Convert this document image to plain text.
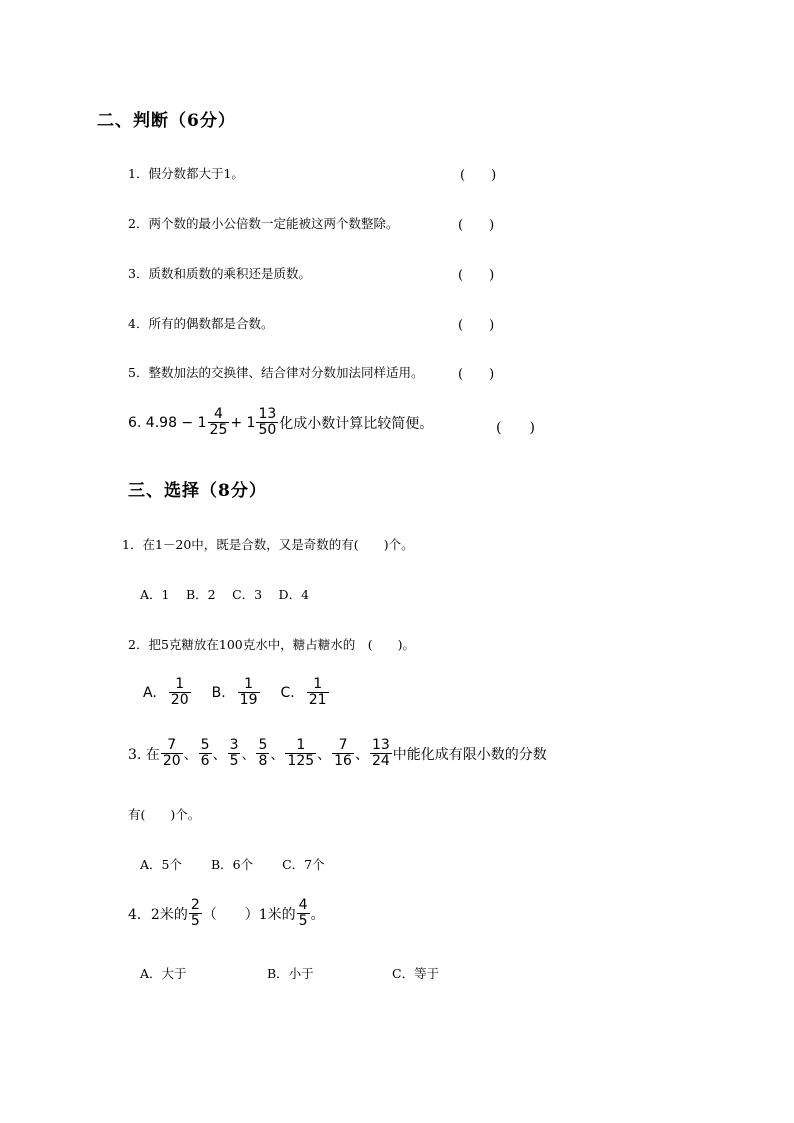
二、判断（6分）
1．假分数都大于1。	(　　)
2．两个数的最小公倍数一定能被这两个数整除。	(　　)
3．质数和质数的乘积还是质数。	(　　)
4．所有的偶数都是合数。	(　　)
5．整数加法的交换律、结合律对分数加法同样适用。	(　　)
6. $4.98 - 1 \frac{4}{25} + 1 \frac{13}{50}$ 化成小数计算比较简便。	(　　)
三、选择（8分）
1．在1－20中，既是合数，又是奇数的有(　　)个。
A．1　 B．2　 C．3　 D．4
2．把5克糖放在100克水中，糖占糖水的　(　　)。
A. $\frac{1}{20} B$. $\frac{1}{19} C$. $\frac{1}{21}$
3. 在 $\frac{7}{20}$ 、 $\frac{5}{6}$ 、 $\frac{3}{5}$ 、 $\frac{5}{8}$ 、 $\frac{1}{125}$ 、 $\frac{7}{16}$ 、 $\frac{13}{24}$ 中能化成有限小数的分数
有(　　)个。
A．5个　　 B．6个　　 C．7个
4．2米的 $\frac{2}{5}$ （　　）1米的 $\frac{4}{5}$ 。
A．大于	B．小于	C．等于
